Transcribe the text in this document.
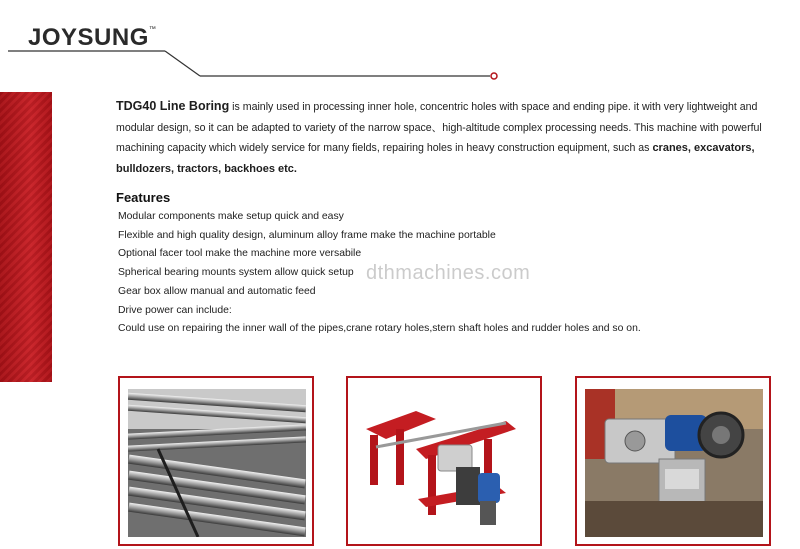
JOYSUNG™
TDG40 Line Boring is mainly used in processing inner hole, concentric holes with space and ending pipe. it with very lightweight and modular design, so it can be adapted to variety of the narrow space、high-altitude complex processing needs. This machine with powerful machining capacity which widely service for many fields, repairing holes in heavy construction equipment, such as cranes, excavators, bulldozers, tractors, backhoes etc.
Features
Modular components make setup quick and easy
Flexible and high quality design, aluminum alloy frame make the machine portable
Optional facer tool make the machine more versabile
Spherical bearing mounts system allow quick setup
Gear box allow manual and automatic feed
Drive power can include:
Could use on repairing the inner wall of the pipes,crane rotary holes,stern shaft holes and rudder holes and so on.
dthmachines.com
